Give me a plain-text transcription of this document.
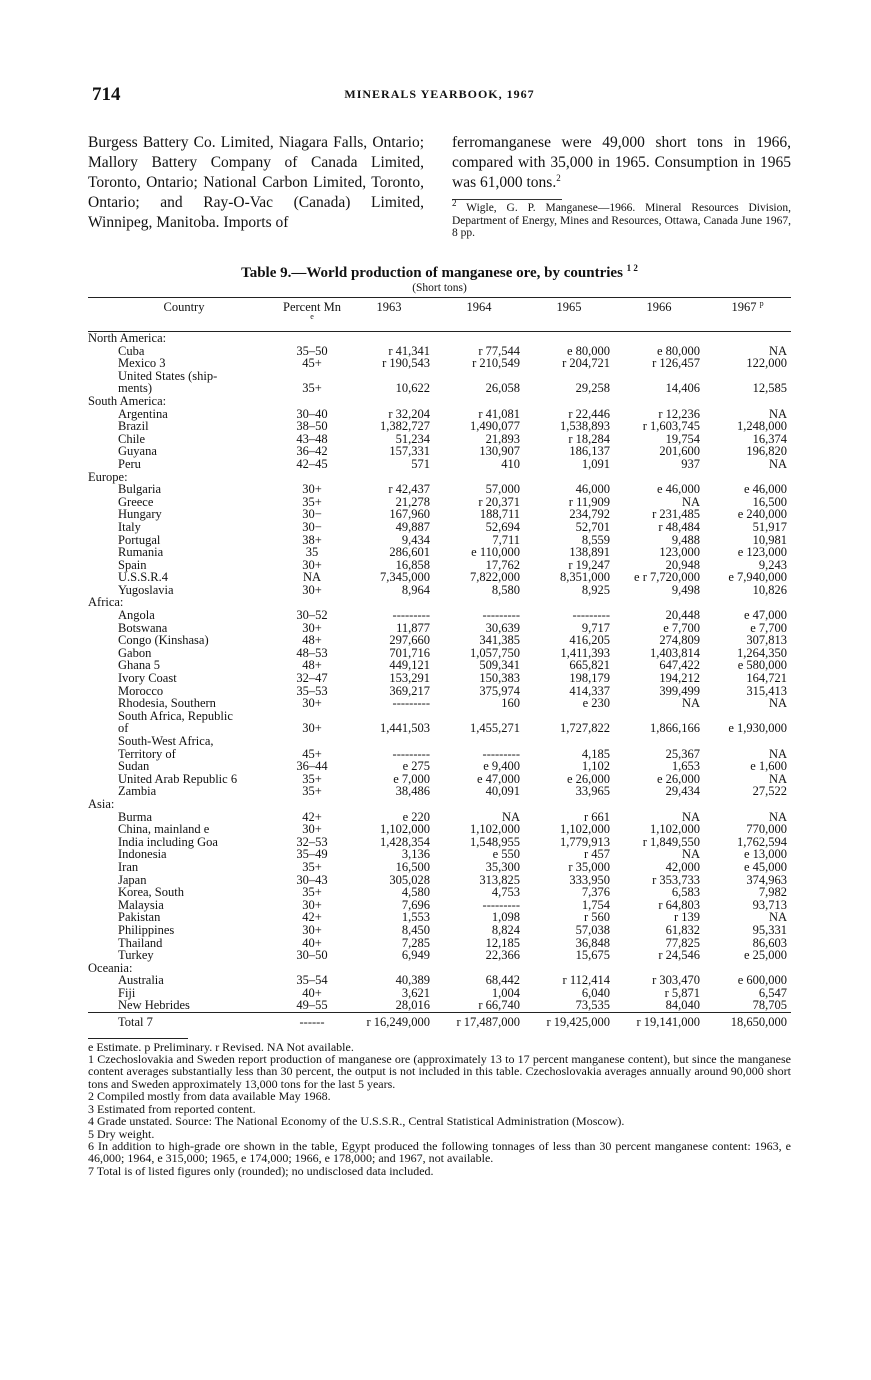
714	MINERALS YEARBOOK, 1967
Burgess Battery Co. Limited, Niagara Falls, Ontario; Mallory Battery Company of Canada Limited, Toronto, Ontario; National Carbon Limited, Toronto, Ontario; and Ray-O-Vac (Canada) Limited, Winnipeg, Manitoba. Imports of
ferromanganese were 49,000 short tons in 1966, compared with 35,000 in 1965. Consumption in 1965 was 61,000 tons.$^2$
$^2$ Wigle, G. P. Manganese—1966. Mineral Resources Division, Department of Energy, Mines and Resources, Ottawa, Canada June 1967, 8 pp.
Table 9.—World production of manganese ore, by countries $^{1 2}$
(Short tons)
Country	Percent Mn $^e$	1963	1964	1965	1966	1967 $^p$
North America:						
Cuba	35–50	r 41,341	r 77,544	e 80,000	e 80,000	NA
Mexico 3	45+	r 190,543	r 210,549	r 204,721	r 126,457	122,000
United States (ship-						
ments)	35+	10,622	26,058	29,258	14,406	12,585
South America:						
Argentina	30–40	r 32,204	r 41,081	r 22,446	r 12,236	NA
Brazil	38–50	1,382,727	1,490,077	1,538,893	r 1,603,745	1,248,000
Chile	43–48	51,234	21,893	r 18,284	19,754	16,374
Guyana	36–42	157,331	130,907	186,137	201,600	196,820
Peru	42–45	571	410	1,091	937	NA
Europe:						
Bulgaria	30+	r 42,437	57,000	46,000	e 46,000	e 46,000
Greece	35+	21,278	r 20,371	r 11,909	NA	16,500
Hungary	30−	167,960	188,711	234,792	r 231,485	e 240,000
Italy	30−	49,887	52,694	52,701	r 48,484	51,917
Portugal	38+	9,434	7,711	8,559	9,488	10,981
Rumania	35	286,601	e 110,000	138,891	123,000	e 123,000
Spain	30+	16,858	17,762	r 19,247	20,948	9,243
U.S.S.R.4	NA	7,345,000	7,822,000	8,351,000	e r 7,720,000	e 7,940,000
Yugoslavia	30+	8,964	8,580	8,925	9,498	10,826
Africa:						
Angola	30–52	---------	---------	---------	20,448	e 47,000
Botswana	30+	11,877	30,639	9,717	e 7,700	e 7,700
Congo (Kinshasa)	48+	297,660	341,385	416,205	274,809	307,813
Gabon	48–53	701,716	1,057,750	1,411,393	1,403,814	1,264,350
Ghana 5	48+	449,121	509,341	665,821	647,422	e 580,000
Ivory Coast	32–47	153,291	150,383	198,179	194,212	164,721
Morocco	35–53	369,217	375,974	414,337	399,499	315,413
Rhodesia, Southern	30+	---------	160	e 230	NA	NA
South Africa, Republic						
of	30+	1,441,503	1,455,271	1,727,822	1,866,166	e 1,930,000
South-West Africa,						
Territory of	45+	---------	---------	4,185	25,367	NA
Sudan	36–44	e 275	e 9,400	1,102	1,653	e 1,600
United Arab Republic 6	35+	e 7,000	e 47,000	e 26,000	e 26,000	NA
Zambia	35+	38,486	40,091	33,965	29,434	27,522
Asia:						
Burma	42+	e 220	NA	r 661	NA	NA
China, mainland e	30+	1,102,000	1,102,000	1,102,000	1,102,000	770,000
India including Goa	32–53	1,428,354	1,548,955	1,779,913	r 1,849,550	1,762,594
Indonesia	35–49	3,136	e 550	r 457	NA	e 13,000
Iran	35+	16,500	35,300	r 35,000	42,000	e 45,000
Japan	30–43	305,028	313,825	333,950	r 353,733	374,963
Korea, South	35+	4,580	4,753	7,376	6,583	7,982
Malaysia	30+	7,696	---------	1,754	r 64,803	93,713
Pakistan	42+	1,553	1,098	r 560	r 139	NA
Philippines	30+	8,450	8,824	57,038	61,832	95,331
Thailand	40+	7,285	12,185	36,848	77,825	86,603
Turkey	30–50	6,949	22,366	15,675	r 24,546	e 25,000
Oceania:						
Australia	35–54	40,389	68,442	r 112,414	r 303,470	e 600,000
Fiji	40+	3,621	1,004	6,040	r 5,871	6,547
New Hebrides	49–55	28,016	r 66,740	73,535	84,040	78,705
Total 7	------	r 16,249,000	r 17,487,000	r 19,425,000	r 19,141,000	18,650,000
e Estimate. p Preliminary. r Revised. NA Not available.
1 Czechoslovakia and Sweden report production of manganese ore (approximately 13 to 17 percent manganese content), but since the manganese content averages substantially less than 30 percent, the output is not included in this table. Czechoslovakia averages annually around 90,000 short tons and Sweden approximately 13,000 tons for the last 5 years.
2 Compiled mostly from data available May 1968.
3 Estimated from reported content.
4 Grade unstated. Source: The National Economy of the U.S.S.R., Central Statistical Administration (Moscow).
5 Dry weight.
6 In addition to high-grade ore shown in the table, Egypt produced the following tonnages of less than 30 percent manganese content: 1963, e 46,000; 1964, e 315,000; 1965, e 174,000; 1966, e 178,000; and 1967, not available.
7 Total is of listed figures only (rounded); no undisclosed data included.
